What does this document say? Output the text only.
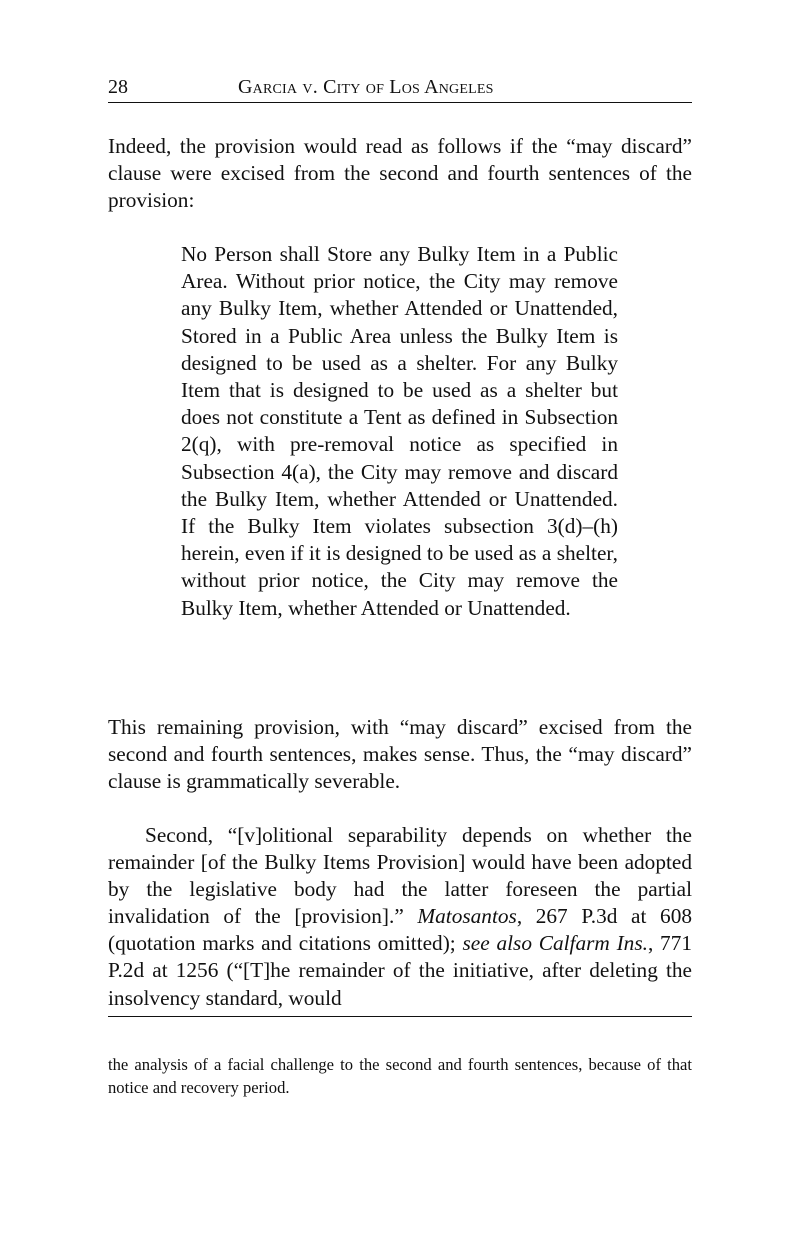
28	Garcia v. City of Los Angeles

Indeed, the provision would read as follows if the “may discard” clause were excised from the second and fourth sentences of the provision:

No Person shall Store any Bulky Item in a Public Area. Without prior notice, the City may remove any Bulky Item, whether Attended or Unattended, Stored in a Public Area unless the Bulky Item is designed to be used as a shelter. For any Bulky Item that is designed to be used as a shelter but does not constitute a Tent as defined in Subsection 2(q), with pre-removal notice as specified in Subsection 4(a), the City may remove and discard the Bulky Item, whether Attended or Unattended. If the Bulky Item violates subsection 3(d)–(h) herein, even if it is designed to be used as a shelter, without prior notice, the City may remove the Bulky Item, whether Attended or Unattended.

This remaining provision, with “may discard” excised from the second and fourth sentences, makes sense. Thus, the “may discard” clause is grammatically severable.

Second, “[v]olitional separability depends on whether the remainder [of the Bulky Items Provision] would have been adopted by the legislative body had the latter foreseen the partial invalidation of the [provision].” Matosantos, 267 P.3d at 608 (quotation marks and citations omitted); see also Calfarm Ins., 771 P.2d at 1256 (“[T]he remainder of the initiative, after deleting the insolvency standard, would

the analysis of a facial challenge to the second and fourth sentences, because of that notice and recovery period.
